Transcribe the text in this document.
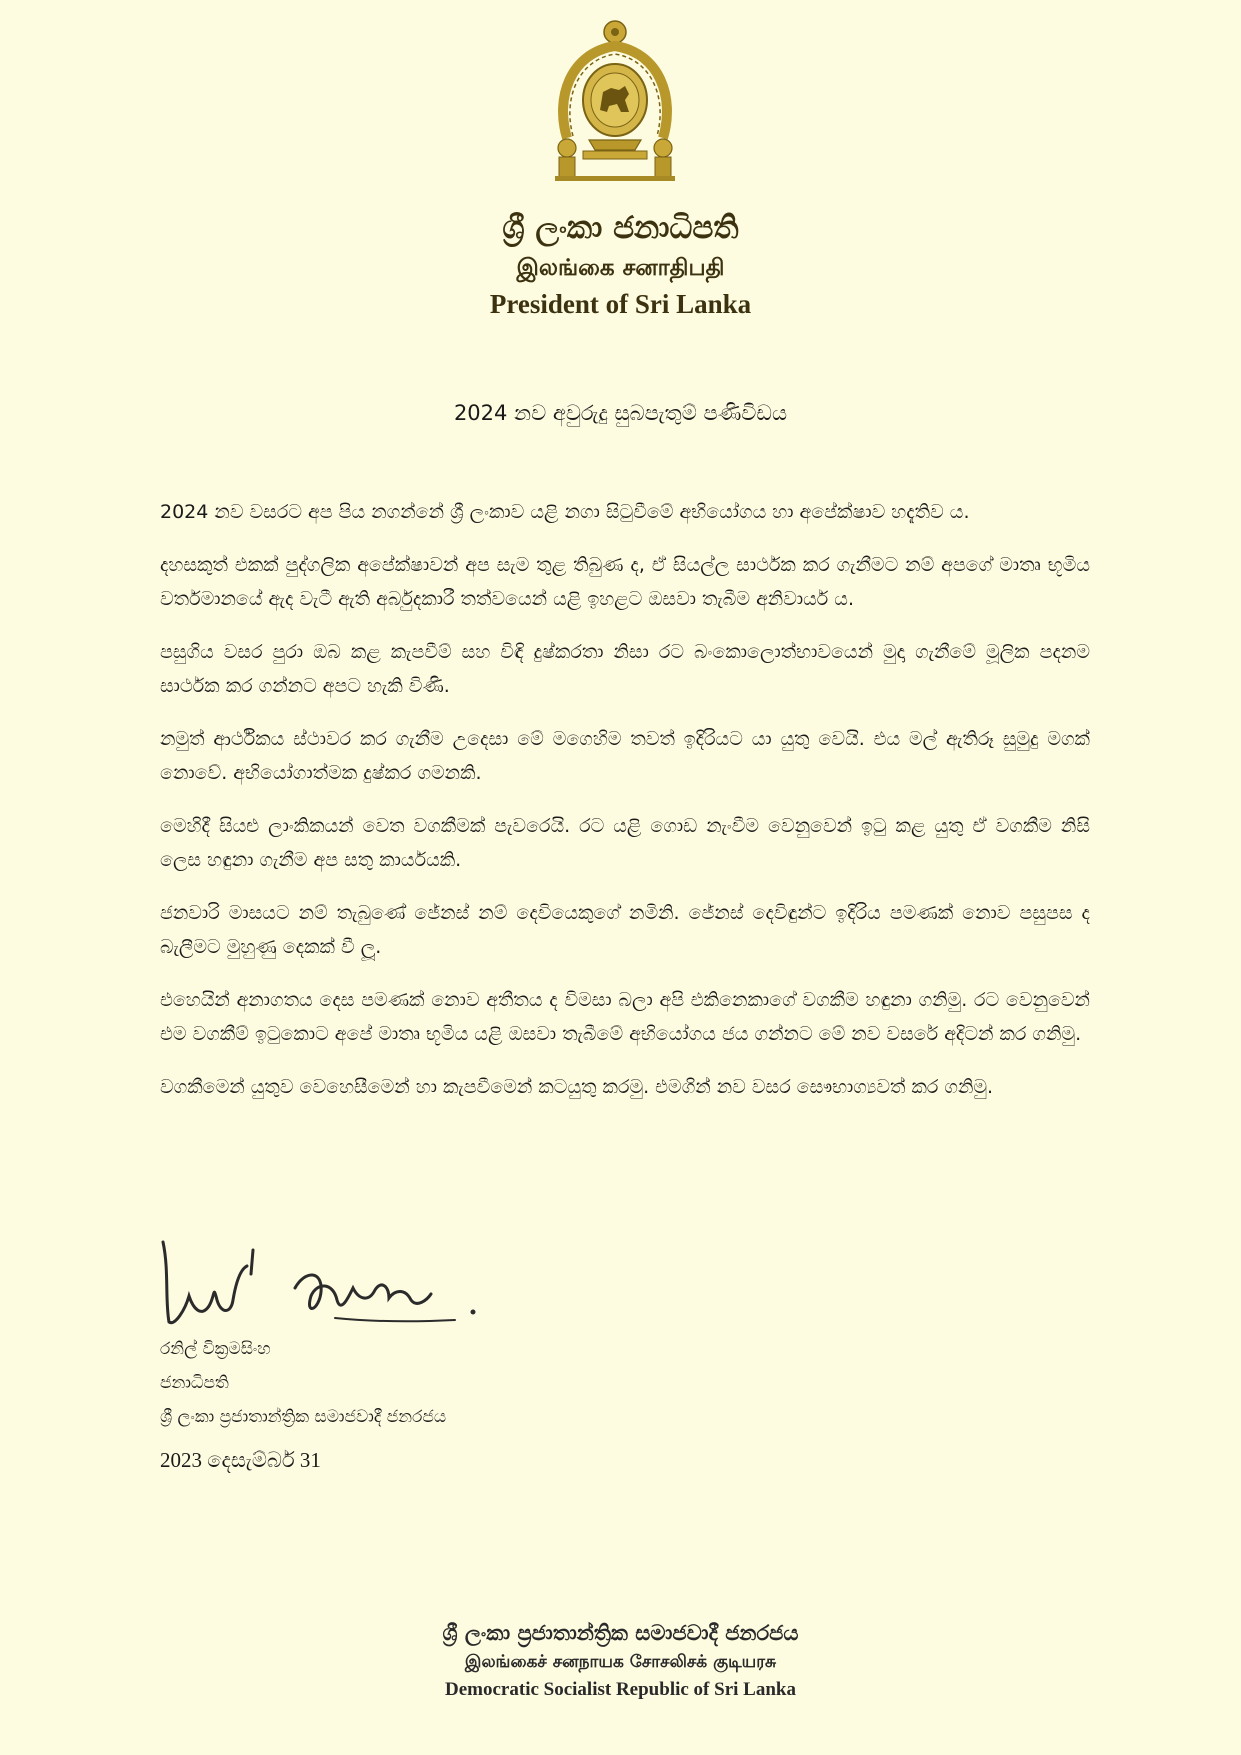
ශ්‍රී ලංකා ජනාධිපති
இலங்கை சனாதிபதி
President of Sri Lanka
2024 නව අවුරුදු සුබපැතුම් පණිවිඩය

2024 නව වසරට අප පිය නගන්නේ ශ්‍රී ලංකාව යළි නගා සිටුවීමේ අභියෝගය හා අපේක්ෂාව හදැතිව ය.

දහසකුත් එකක් පුද්ගලික අපේක්ෂාවන් අප සැම තුළ තිබුණ ද, ඒ සියල්ල සාර්ථක කර ගැනීමට නම් අපගේ මාතෘ භූමිය වර්තමානයේ ඇද වැටී ඇති අර්බුදකාරී තත්වයෙන් යළි ඉහළට ඔසවා තැබීම අනිවාර්ය ය.

පසුගිය වසර පුරා ඔබ කළ කැපවීම් සහ විඳි දුෂ්කරතා නිසා රට බංකොලොත්භාවයෙන් මුදා ගැනීමේ මූලික පදනම සාර්ථක කර ගන්නට අපට හැකි විණි.

නමුත් ආර්ථිකය ස්ථාවර කර ගැනීම උදෙසා මේ මගෙහිම තවත් ඉදිරියට යා යුතු වෙයි. එය මල් ඇතිරූ සුමුදු මගක් නොවේ. අභියෝගාත්මක දුෂ්කර ගමනකි.

මෙහිදී සියළු ලාංකිකයන් වෙත වගකීමක් පැවරෙයි. රට යළි ගොඩ නැංවීම වෙනුවෙන් ඉටු කළ යුතු ඒ වගකීම නිසි ලෙස හඳුනා ගැනීම අප සතු කාර්යයකි.

ජනවාරි මාසයට නම් තැබුණේ ජේනස් නම් දෙවියෙකුගේ නමිනි. ජේනස් දෙවිඳුන්ට ඉදිරිය පමණක් නොව පසුපස ද බැලීමට මුහුණු දෙකක් වී ලූ.

එහෙයින් අනාගතය දෙස පමණක් නොව අතීතය ද විමසා බලා අපි එකිනෙකාගේ වගකීම හඳුනා ගනිමු. රට වෙනුවෙන් එම වගකීම් ඉටුකොට අපේ මාතෘ භූමිය යළි ඔසවා තැබීමේ අභියෝගය ජය ගන්නට මේ නව වසරේ අදිටන් කර ගනිමු.

වගකීමෙන් යුතුව වෙහෙසීමෙන් හා කැපවීමෙන් කටයුතු කරමු. එමගින් නව වසර සෞභාග්‍යවත් කර ගනිමු.

රනිල් වික්‍රමසිංහ
ජනාධිපති
ශ්‍රී ලංකා ප්‍රජාතාන්ත්‍රික සමාජවාදී ජනරජය
2023 දෙසැම්බර් 31
ශ්‍රී ලංකා ප්‍රජාතාන්ත්‍රික සමාජවාදී ජනරජය
இலங்கைச் சனநாயக சோசலிசக் குடியரசு
Democratic Socialist Republic of Sri Lanka
